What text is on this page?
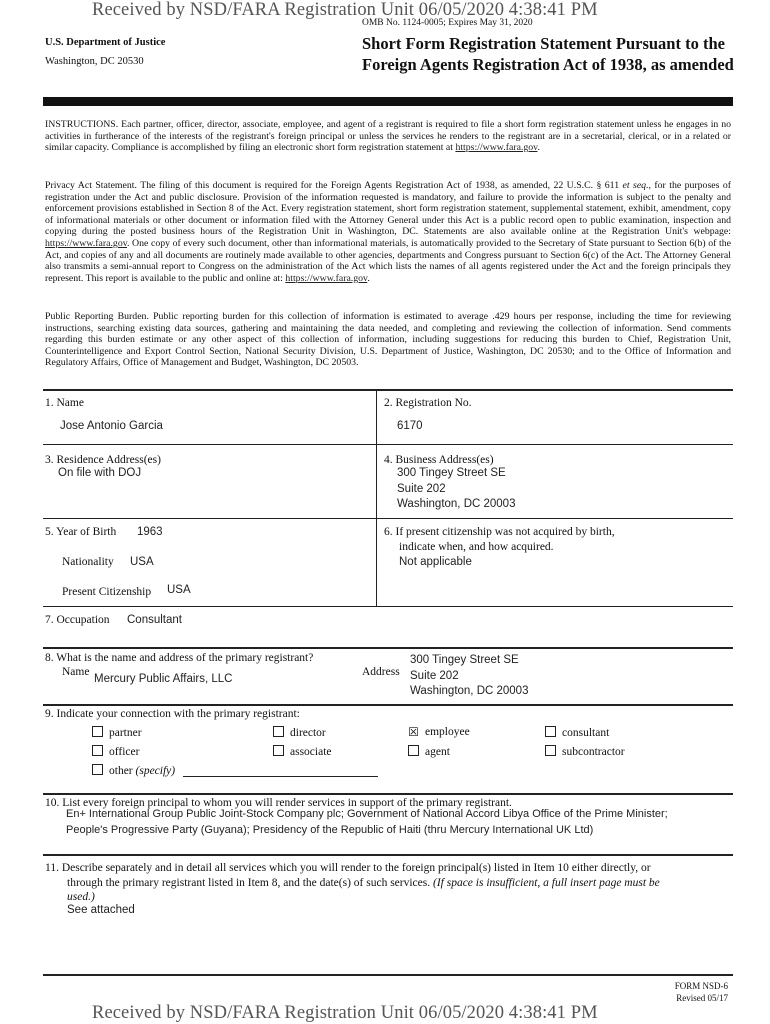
Received by NSD/FARA Registration Unit 06/05/2020 4:38:41 PM
OMB No. 1124-0005; Expires May 31, 2020
U.S. Department of Justice
Washington, DC 20530
Short Form Registration Statement Pursuant to the Foreign Agents Registration Act of 1938, as amended
INSTRUCTIONS. Each partner, officer, director, associate, employee, and agent of a registrant is required to file a short form registration statement unless he engages in no activities in furtherance of the interests of the registrant's foreign principal or unless the services he renders to the registrant are in a secretarial, clerical, or in a related or similar capacity. Compliance is accomplished by filing an electronic short form registration statement at https://www.fara.gov.
Privacy Act Statement. The filing of this document is required for the Foreign Agents Registration Act of 1938, as amended, 22 U.S.C. § 611 et seq., for the purposes of registration under the Act and public disclosure. Provision of the information requested is mandatory, and failure to provide the information is subject to the penalty and enforcement provisions established in Section 8 of the Act. Every registration statement, short form registration statement, supplemental statement, exhibit, amendment, copy of informational materials or other document or information filed with the Attorney General under this Act is a public record open to public examination, inspection and copying during the posted business hours of the Registration Unit in Washington, DC. Statements are also available online at the Registration Unit's webpage: https://www.fara.gov. One copy of every such document, other than informational materials, is automatically provided to the Secretary of State pursuant to Section 6(b) of the Act, and copies of any and all documents are routinely made available to other agencies, departments and Congress pursuant to Section 6(c) of the Act. The Attorney General also transmits a semi-annual report to Congress on the administration of the Act which lists the names of all agents registered under the Act and the foreign principals they represent. This report is available to the public and online at: https://www.fara.gov.
Public Reporting Burden. Public reporting burden for this collection of information is estimated to average .429 hours per response, including the time for reviewing instructions, searching existing data sources, gathering and maintaining the data needed, and completing and reviewing the collection of information. Send comments regarding this burden estimate or any other aspect of this collection of information, including suggestions for reducing this burden to Chief, Registration Unit, Counterintelligence and Export Control Section, National Security Division, U.S. Department of Justice, Washington, DC 20530; and to the Office of Information and Regulatory Affairs, Office of Management and Budget, Washington, DC 20503.
1. Name
Jose Antonio Garcia
2. Registration No.
6170
3. Residence Address(es)
On file with DOJ
4. Business Address(es)
300 Tingey Street SE
Suite 202
Washington, DC 20003
5. Year of Birth 1963
Nationality USA
Present Citizenship USA
6. If present citizenship was not acquired by birth,
indicate when, and how acquired.
Not applicable
7. Occupation Consultant
8. What is the name and address of the primary registrant?
Name
Mercury Public Affairs, LLC
Address
300 Tingey Street SE
Suite 202
Washington, DC 20003
9. Indicate your connection with the primary registrant:
partner
officer
other (specify)
director
associate
☒ employee
agent
consultant
subcontractor
10. List every foreign principal to whom you will render services in support of the primary registrant.
En+ International Group Public Joint-Stock Company plc; Government of National Accord Libya Office of the Prime Minister;
People's Progressive Party (Guyana); Presidency of the Republic of Haiti (thru Mercury International UK Ltd)
11. Describe separately and in detail all services which you will render to the foreign principal(s) listed in Item 10 either directly, or
through the primary registrant listed in Item 8, and the date(s) of such services. (If space is insufficient, a full insert page must be
used.)
See attached
FORM NSD-6
Revised 05/17
Received by NSD/FARA Registration Unit 06/05/2020 4:38:41 PM
